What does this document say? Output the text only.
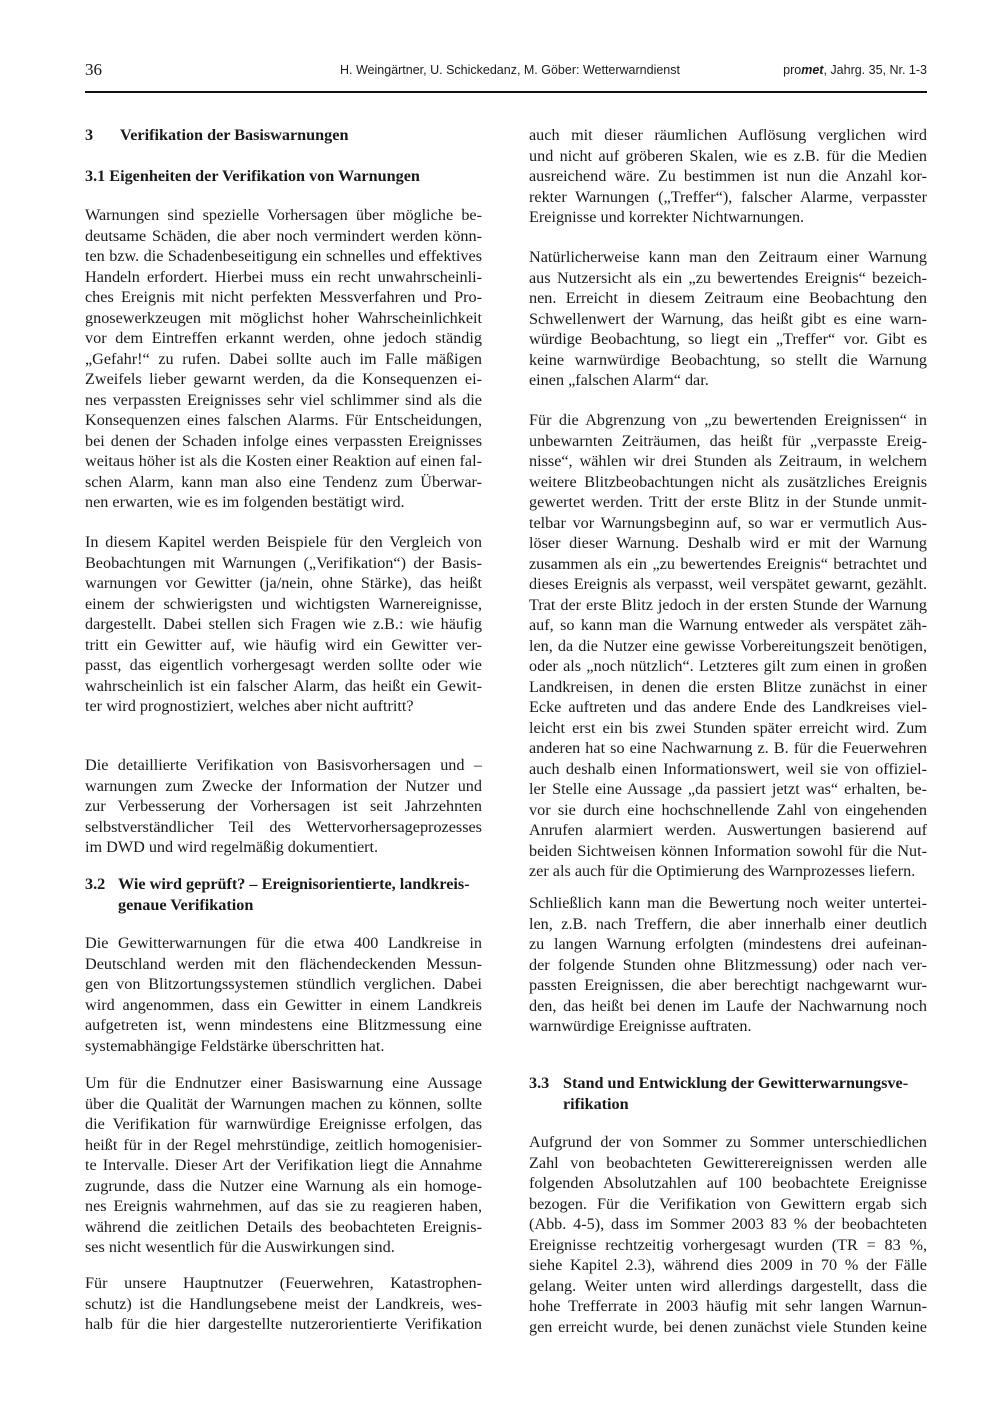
36	H. Weingärtner, U. Schickedanz, M. Göber: Wetterwarndienst	promet, Jahrg. 35, Nr. 1-3
3	Verifikation der Basiswarnungen
3.1 Eigenheiten der Verifikation von Warnungen
Warnungen sind spezielle Vorhersagen über mögliche be-
deutsame Schäden, die aber noch vermindert werden könn-
ten bzw. die Schadenbeseitigung ein schnelles und effektives
Handeln erfordert. Hierbei muss ein recht unwahrscheinli-
ches Ereignis mit nicht perfekten Messverfahren und Pro-
gnosewerkzeugen mit möglichst hoher Wahrscheinlichkeit
vor dem Eintreffen erkannt werden, ohne jedoch ständig
„Gefahr!“ zu rufen. Dabei sollte auch im Falle mäßigen
Zweifels lieber gewarnt werden, da die Konsequenzen ei-
nes verpassten Ereignisses sehr viel schlimmer sind als die
Konsequenzen eines falschen Alarms. Für Entscheidungen,
bei denen der Schaden infolge eines verpassten Ereignisses
weitaus höher ist als die Kosten einer Reaktion auf einen fal-
schen Alarm, kann man also eine Tendenz zum Überwar-
nen erwarten, wie es im folgenden bestätigt wird.
In diesem Kapitel werden Beispiele für den Vergleich von
Beobachtungen mit Warnungen („Verifikation“) der Basis-
warnungen vor Gewitter (ja/nein, ohne Stärke), das heißt
einem der schwierigsten und wichtigsten Warnereignisse,
dargestellt. Dabei stellen sich Fragen wie z.B.: wie häufig
tritt ein Gewitter auf, wie häufig wird ein Gewitter ver-
passt, das eigentlich vorhergesagt werden sollte oder wie
wahrscheinlich ist ein falscher Alarm, das heißt ein Gewit-
ter wird prognostiziert, welches aber nicht auftritt?
Die detaillierte Verifikation von Basisvorhersagen und –
warnungen zum Zwecke der Information der Nutzer und
zur Verbesserung der Vorhersagen ist seit Jahrzehnten
selbstverständlicher Teil des Wettervorhersageprozesses
im DWD und wird regelmäßig dokumentiert.
3.2 Wie wird geprüft? – Ereignisorientierte, landkreis-
genaue Verifikation
Die Gewitterwarnungen für die etwa 400 Landkreise in
Deutschland werden mit den flächendeckenden Messun-
gen von Blitzortungssystemen stündlich verglichen. Dabei
wird angenommen, dass ein Gewitter in einem Landkreis
aufgetreten ist, wenn mindestens eine Blitzmessung eine
systemabhängige Feldstärke überschritten hat.
Um für die Endnutzer einer Basiswarnung eine Aussage
über die Qualität der Warnungen machen zu können, sollte
die Verifikation für warnwürdige Ereignisse erfolgen, das
heißt für in der Regel mehrstündige, zeitlich homogenisier-
te Intervalle. Dieser Art der Verifikation liegt die Annahme
zugrunde, dass die Nutzer eine Warnung als ein homoge-
nes Ereignis wahrnehmen, auf das sie zu reagieren haben,
während die zeitlichen Details des beobachteten Ereignis-
ses nicht wesentlich für die Auswirkungen sind.
Für unsere Hauptnutzer (Feuerwehren, Katastrophen-
schutz) ist die Handlungsebene meist der Landkreis, wes-
halb für die hier dargestellte nutzerorientierte Verifikation
auch mit dieser räumlichen Auflösung verglichen wird
und nicht auf gröberen Skalen, wie es z.B. für die Medien
ausreichend wäre. Zu bestimmen ist nun die Anzahl kor-
rekter Warnungen („Treffer“), falscher Alarme, verpasster
Ereignisse und korrekter Nichtwarnungen.
Natürlicherweise kann man den Zeitraum einer Warnung
aus Nutzersicht als ein „zu bewertendes Ereignis“ bezeich-
nen. Erreicht in diesem Zeitraum eine Beobachtung den
Schwellenwert der Warnung, das heißt gibt es eine warn-
würdige Beobachtung, so liegt ein „Treffer“ vor. Gibt es
keine warnwürdige Beobachtung, so stellt die Warnung
einen „falschen Alarm“ dar.
Für die Abgrenzung von „zu bewertenden Ereignissen“ in
unbewarnten Zeiträumen, das heißt für „verpasste Ereig-
nisse“, wählen wir drei Stunden als Zeitraum, in welchem
weitere Blitzbeobachtungen nicht als zusätzliches Ereignis
gewertet werden. Tritt der erste Blitz in der Stunde unmit-
telbar vor Warnungsbeginn auf, so war er vermutlich Aus-
löser dieser Warnung. Deshalb wird er mit der Warnung
zusammen als ein „zu bewertendes Ereignis“ betrachtet und
dieses Ereignis als verpasst, weil verspätet gewarnt, gezählt.
Trat der erste Blitz jedoch in der ersten Stunde der Warnung
auf, so kann man die Warnung entweder als verspätet zäh-
len, da die Nutzer eine gewisse Vorbereitungszeit benötigen,
oder als „noch nützlich“. Letzteres gilt zum einen in großen
Landkreisen, in denen die ersten Blitze zunächst in einer
Ecke auftreten und das andere Ende des Landkreises viel-
leicht erst ein bis zwei Stunden später erreicht wird. Zum
anderen hat so eine Nachwarnung z. B. für die Feuerwehren
auch deshalb einen Informationswert, weil sie von offiziel-
ler Stelle eine Aussage „da passiert jetzt was“ erhalten, be-
vor sie durch eine hochschnellende Zahl von eingehenden
Anrufen alarmiert werden. Auswertungen basierend auf
beiden Sichtweisen können Information sowohl für die Nut-
zer als auch für die Optimierung des Warnprozesses liefern.
Schließlich kann man die Bewertung noch weiter untertei-
len, z.B. nach Treffern, die aber innerhalb einer deutlich
zu langen Warnung erfolgten (mindestens drei aufeinan-
der folgende Stunden ohne Blitzmessung) oder nach ver-
passten Ereignissen, die aber berechtigt nachgewarnt wur-
den, das heißt bei denen im Laufe der Nachwarnung noch
warnwürdige Ereignisse auftraten.
3.3 Stand und Entwicklung der Gewitterwarnungsve-
rifikation
Aufgrund der von Sommer zu Sommer unterschiedlichen
Zahl von beobachteten Gewitterereignissen werden alle
folgenden Absolutzahlen auf 100 beobachtete Ereignisse
bezogen. Für die Verifikation von Gewittern ergab sich
(Abb. 4-5), dass im Sommer 2003 83 % der beobachteten
Ereignisse rechtzeitig vorhergesagt wurden (TR = 83 %,
siehe Kapitel 2.3), während dies 2009 in 70 % der Fälle
gelang. Weiter unten wird allerdings dargestellt, dass die
hohe Trefferrate in 2003 häufig mit sehr langen Warnun-
gen erreicht wurde, bei denen zunächst viele Stunden keine
